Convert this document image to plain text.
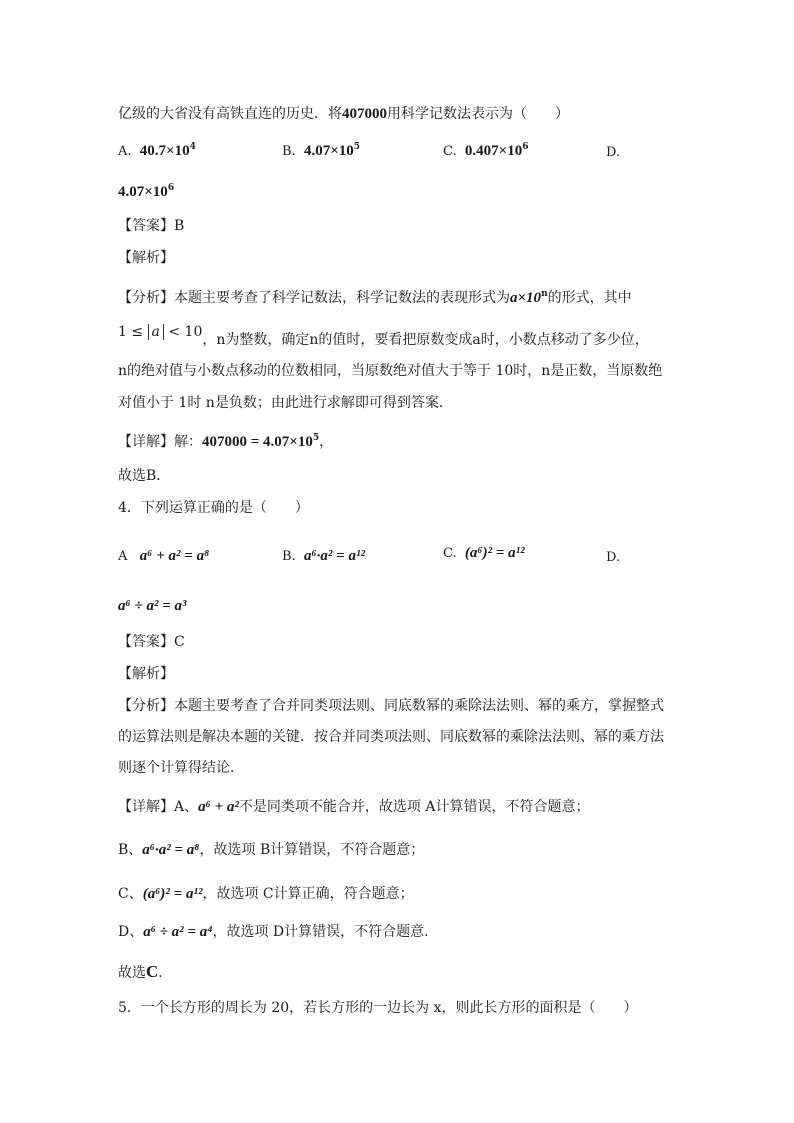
亿级的大省没有高铁直连的历史．将407000用科学记数法表示为（　　）
A. $40.7\times 10^4$	B. $4.07\times 10^5$	C. $0.407\times 10^6$	D.
$4.07\times 10^6$
【答案】B
【解析】
【分析】本题主要考查了科学记数法，科学记数法的表现形式为$a\times 10^n$的形式，其中
1 ≤ a < 10，n为整数，确定n的值时，要看把原数变成a时，小数点移动了多少位，
n的绝对值与小数点移动的位数相同，当原数绝对值大于等于 10时，n是正数，当原数绝
对值小于 1时 n是负数；由此进行求解即可得到答案．
【详解】解：$407000 = 4.07\times 10^5$，
故选B．
4．下列运算正确的是（　　）
A a⁶ + a² = a⁸	B. a⁶·a² = a¹²	C. (a⁶)² = a¹²	D.
a⁶ ÷ a² = a³
【答案】C
【解析】
【分析】本题主要考查了合并同类项法则、同底数幂的乘除法法则、幂的乘方，掌握整式
的运算法则是解决本题的关键．按合并同类项法则、同底数幂的乘除法法则、幂的乘方法
则逐个计算得结论．
【详解】A、a⁶ + a²不是同类项不能合并，故选项 A计算错误，不符合题意；
B、a⁶·a² = a⁸，故选项 B计算错误，不符合题意；
C、(a⁶)² = a¹²，故选项 C计算正确，符合题意；
D、a⁶ ÷ a² = a⁴，故选项 D计算错误，不符合题意．
故选C．
5．一个长方形的周长为 20，若长方形的一边长为 x，则此长方形的面积是（　　）
